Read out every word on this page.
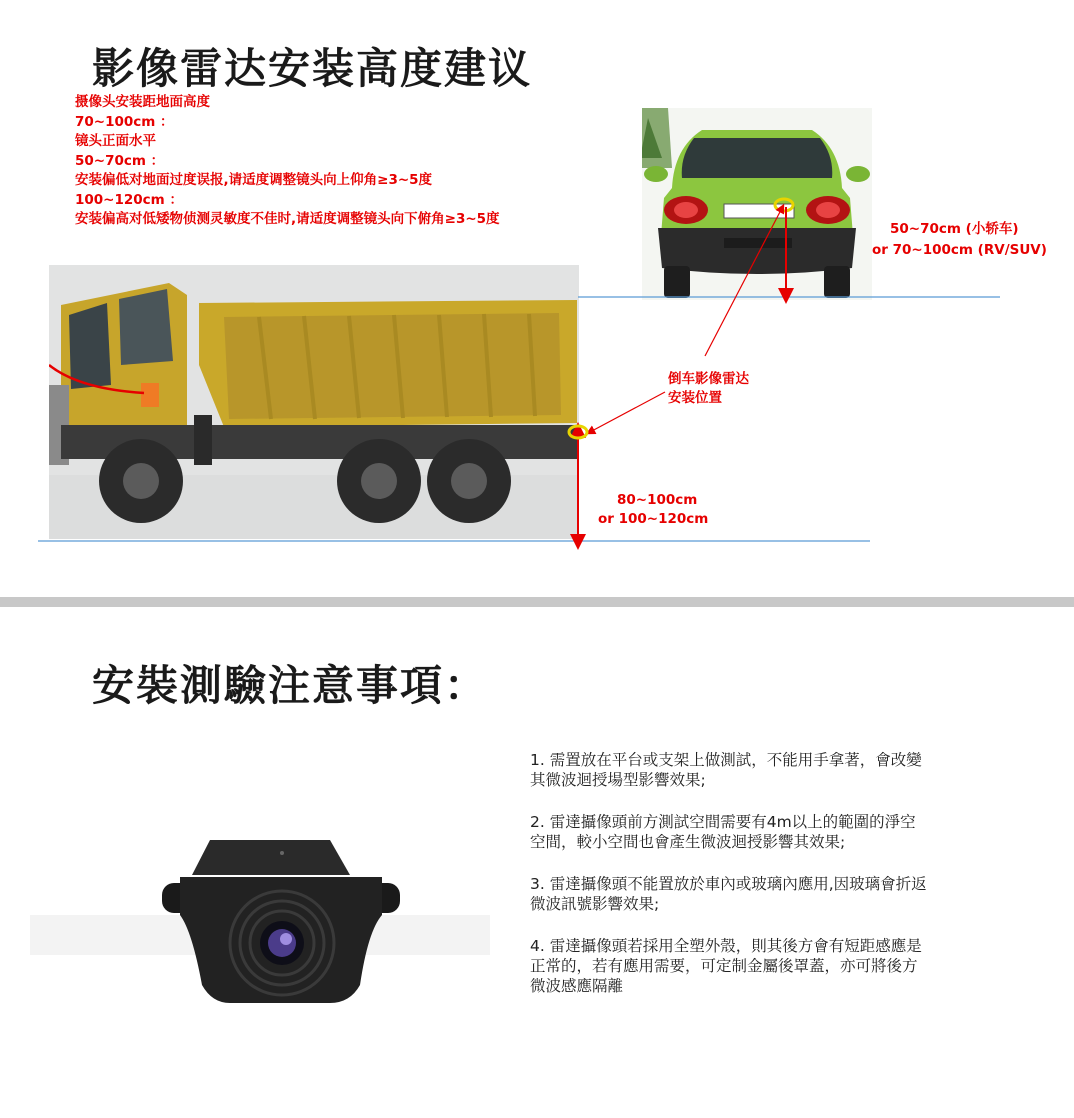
影像雷达安装高度建议
摄像头安装距地面高度
70~100cm ：
镜头正面水平
50~70cm ：
安装偏低对地面过度误报,请适度调整镜头向上仰角≥3~5度
100~120cm ：
安装偏高对低矮物侦测灵敏度不佳时,请适度调整镜头向下俯角≥3~5度
50~70cm (小轿车)
or 70~100cm (RV/SUV)
倒车影像雷达
安装位置
80~100cm
or 100~120cm
安裝測驗注意事項：

1. 需置放在平台或支架上做測試，不能用手拿著，會改變其微波迴授場型影響效果;

2. 雷達攝像頭前方測試空間需要有4m以上的範圍的淨空空間，較小空間也會產生微波迴授影響其效果;

3. 雷達攝像頭不能置放於車內或玻璃內應用,因玻璃會折返微波訊號影響效果;

4. 雷達攝像頭若採用全塑外殼，則其後方會有短距感應是正常的，若有應用需要，可定制金屬後罩蓋，亦可將後方微波感應隔離
